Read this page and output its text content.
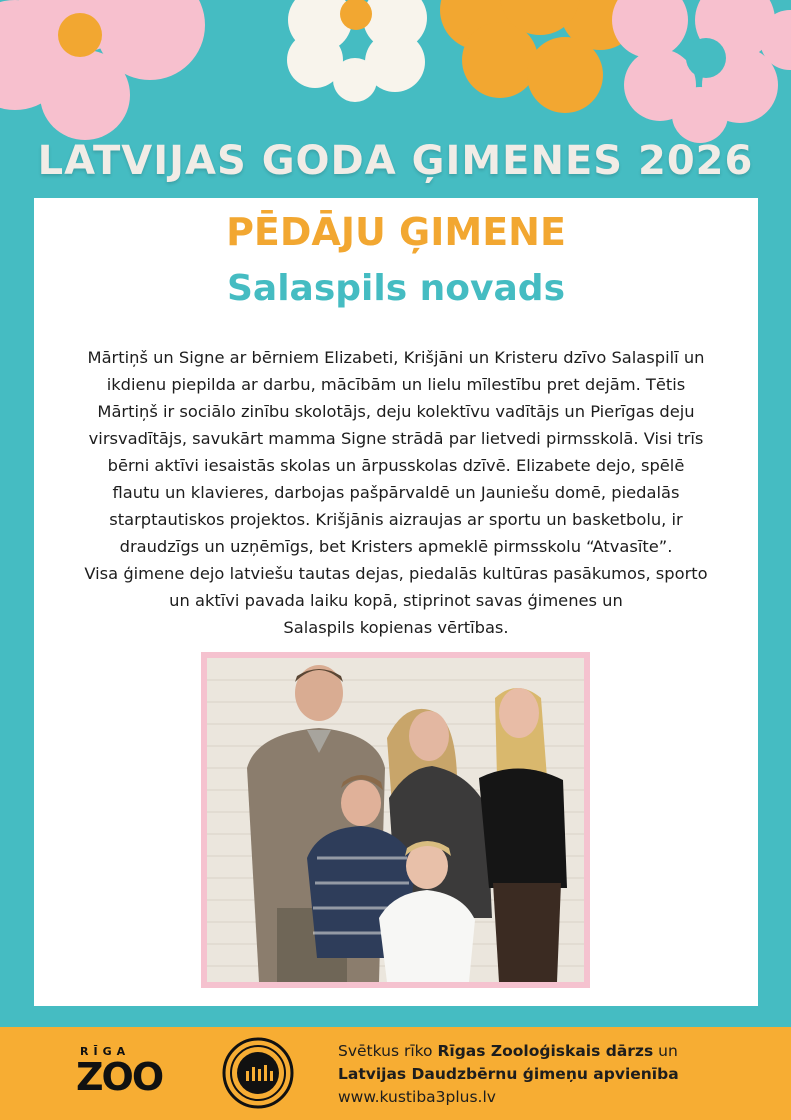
LATVIJAS GODA ĢIMENES 2026
PĒDĀJU ĢIMENE
Salaspils novads

Mārtiņš un Signe ar bērniem Elizabeti, Krišjāni un Kristeru dzīvo Salaspilī un
ikdienu piepilda ar darbu, mācībām un lielu mīlestību pret dejām. Tētis
Mārtiņš ir sociālo zinību skolotājs, deju kolektīvu vadītājs un Pierīgas deju
virsvadītājs, savukārt mamma Signe strādā par lietvedi pirmsskolā. Visi trīs
bērni aktīvi iesaistās skolas un ārpusskolas dzīvē. Elizabete dejo, spēlē
flautu un klavieres, darbojas pašpārvaldē un Jauniešu domē, piedalās
starptautiskos projektos. Krišjānis aizraujas ar sportu un basketbolu, ir
draudzīgs un uzņēmīgs, bet Kristers apmeklē pirmsskolu “Atvasīte”.
Visa ģimene dejo latviešu tautas dejas, piedalās kultūras pasākumos, sporto
un aktīvi pavada laiku kopā, stiprinot savas ģimenes un
Salaspils kopienas vērtības.

RĪGA
ZOO
Svētkus rīko Rīgas Zooloģiskais dārzs un
Latvijas Daudzbērnu ģimeņu apvienība
www.kustiba3plus.lv
